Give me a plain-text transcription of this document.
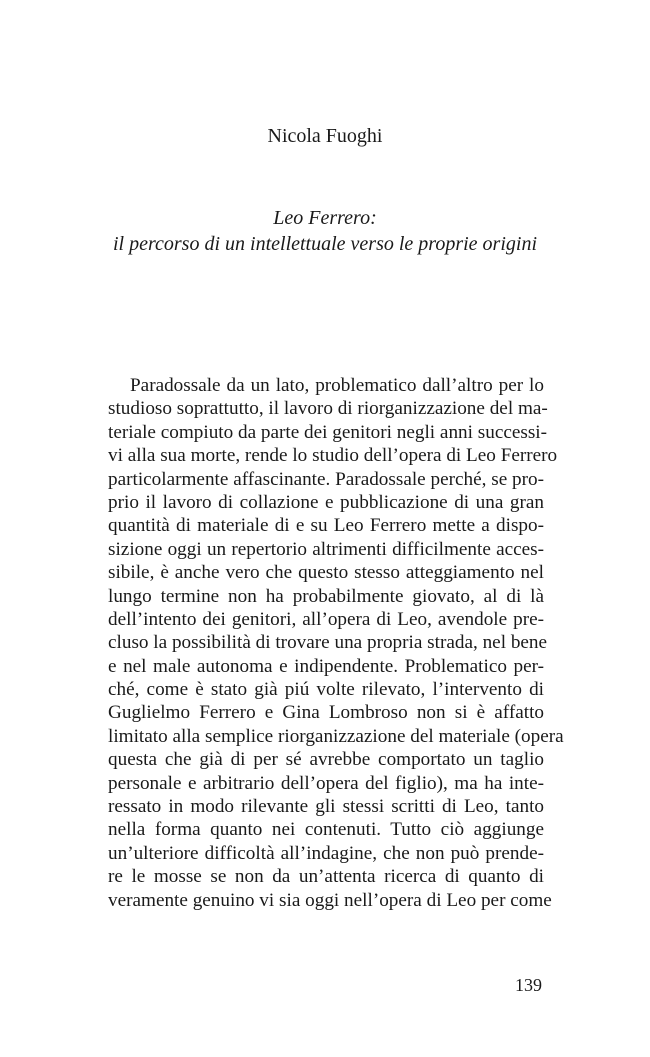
Nicola Fuoghi
Leo Ferrero:
il percorso di un intellettuale verso le proprie origini
Paradossale da un lato, problematico dall’altro per lo
studioso soprattutto, il lavoro di riorganizzazione del ma-
teriale compiuto da parte dei genitori negli anni successi-
vi alla sua morte, rende lo studio dell’opera di Leo Ferrero
particolarmente affascinante. Paradossale perché, se pro-
prio il lavoro di collazione e pubblicazione di una gran
quantità di materiale di e su Leo Ferrero mette a dispo-
sizione oggi un repertorio altrimenti difficilmente acces-
sibile, è anche vero che questo stesso atteggiamento nel
lungo termine non ha probabilmente giovato, al di là
dell’intento dei genitori, all’opera di Leo, avendole pre-
cluso la possibilità di trovare una propria strada, nel bene
e nel male autonoma e indipendente. Problematico per-
ché, come è stato già piú volte rilevato, l’intervento di
Guglielmo Ferrero e Gina Lombroso non si è affatto
limitato alla semplice riorganizzazione del materiale (opera
questa che già di per sé avrebbe comportato un taglio
personale e arbitrario dell’opera del figlio), ma ha inte-
ressato in modo rilevante gli stessi scritti di Leo, tanto
nella forma quanto nei contenuti. Tutto ciò aggiunge
un’ulteriore difficoltà all’indagine, che non può prende-
re le mosse se non da un’attenta ricerca di quanto di
veramente genuino vi sia oggi nell’opera di Leo per come
139
